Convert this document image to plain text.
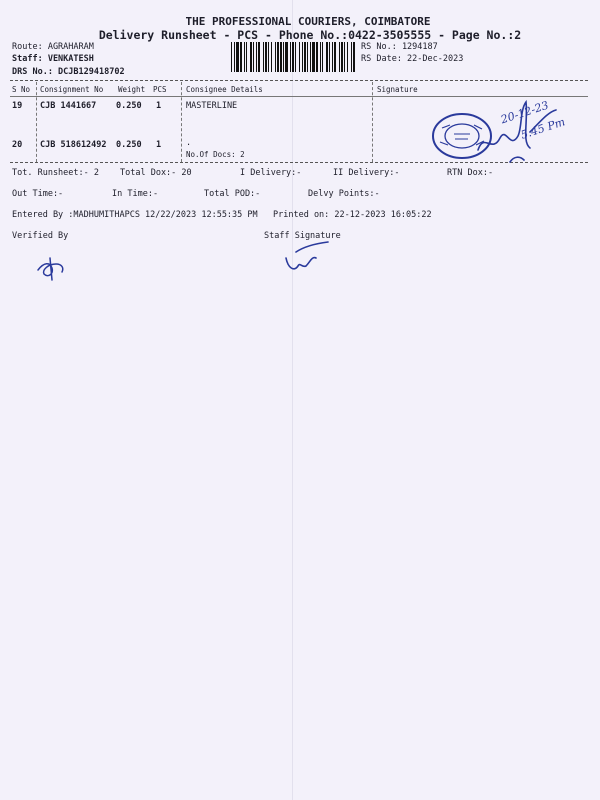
THE PROFESSIONAL COURIERS, COIMBATORE
Delivery Runsheet - PCS - Phone No.:0422-3505555 - Page No.:2
Route: AGRAHARAM
Staff: VENKATESH
DRS No.: DCJB129418702
RS No.: 1294187
RS Date: 22-Dec-2023
S No Consignment No Weight PCS	Consignee Details	Signature
19 CJB 1441667 0.250 1	MASTERLINE
20 CJB 518612492 0.250 1	.
No.Of Docs: 2
20-12-23
5.45 Pm
Tot. Runsheet:- 2 Total Dox:- 20	I Delivery:-	II Delivery:-	RTN Dox:-
Out Time:-	In Time:-	Total POD:-	Delvy Points:-
Entered By :MADHUMITHAPCS 12/22/2023 12:55:35 PM Printed on: 22-12-2023 16:05:22
Verified By	Staff Signature
